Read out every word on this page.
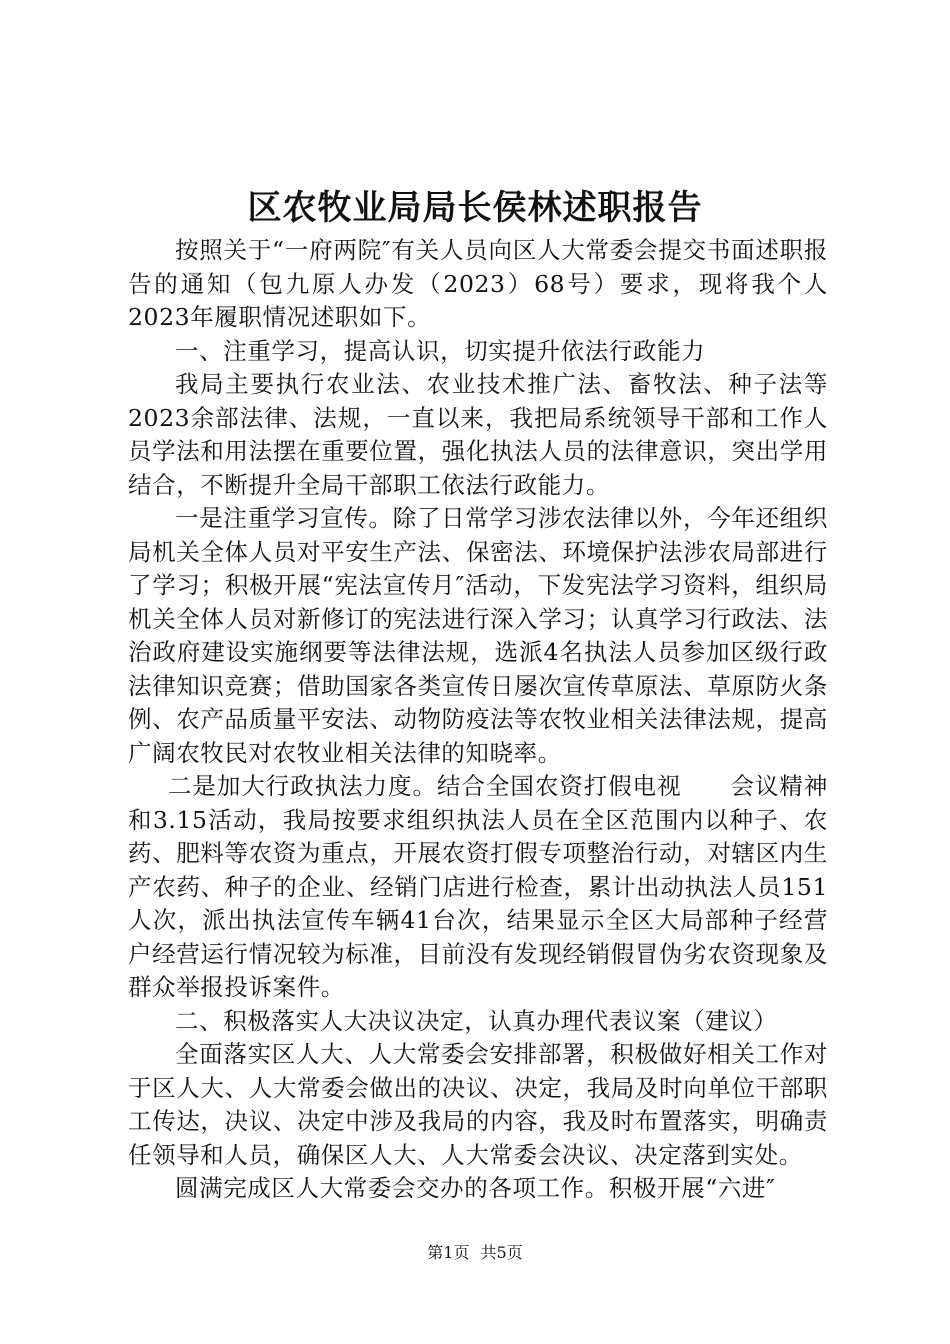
区农牧业局局长侯林述职报告

按照关于“一府两院″有关人员向区人大常委会提交书面述职报告的通知（包九原人办发（2023）68号）要求，现将我个人2023年履职情况述职如下。

一、注重学习，提高认识，切实提升依法行政能力

我局主要执行农业法、农业技术推广法、畜牧法、种子法等2023余部法律、法规，一直以来，我把局系统领导干部和工作人员学法和用法摆在重要位置，强化执法人员的法律意识，突出学用结合，不断提升全局干部职工依法行政能力。

一是注重学习宣传。除了日常学习涉农法律以外，今年还组织局机关全体人员对平安生产法、保密法、环境保护法涉农局部进行了学习；积极开展“宪法宣传月″活动，下发宪法学习资料，组织局机关全体人员对新修订的宪法进行深入学习；认真学习行政法、法治政府建设实施纲要等法律法规，选派4名执法人员参加区级行政法律知识竞赛；借助国家各类宣传日屡次宣传草原法、草原防火条例、农产品质量平安法、动物防疫法等农牧业相关法律法规，提高广阔农牧民对农牧业相关法律的知晓率。

二是加大行政执法力度。结合全国农资打假电视　　会议精神和3.15活动，我局按要求组织执法人员在全区范围内以种子、农药、肥料等农资为重点，开展农资打假专项整治行动，对辖区内生产农药、种子的企业、经销门店进行检查，累计出动执法人员151人次，派出执法宣传车辆41台次，结果显示全区大局部种子经营户经营运行情况较为标准，目前没有发现经销假冒伪劣农资现象及群众举报投诉案件。

二、积极落实人大决议决定，认真办理代表议案（建议）

全面落实区人大、人大常委会安排部署，积极做好相关工作对于区人大、人大常委会做出的决议、决定，我局及时向单位干部职工传达，决议、决定中涉及我局的内容，我及时布置落实，明确责任领导和人员，确保区人大、人大常委会决议、决定落到实处。

圆满完成区人大常委会交办的各项工作。积极开展“六进″

第1页 共5页
